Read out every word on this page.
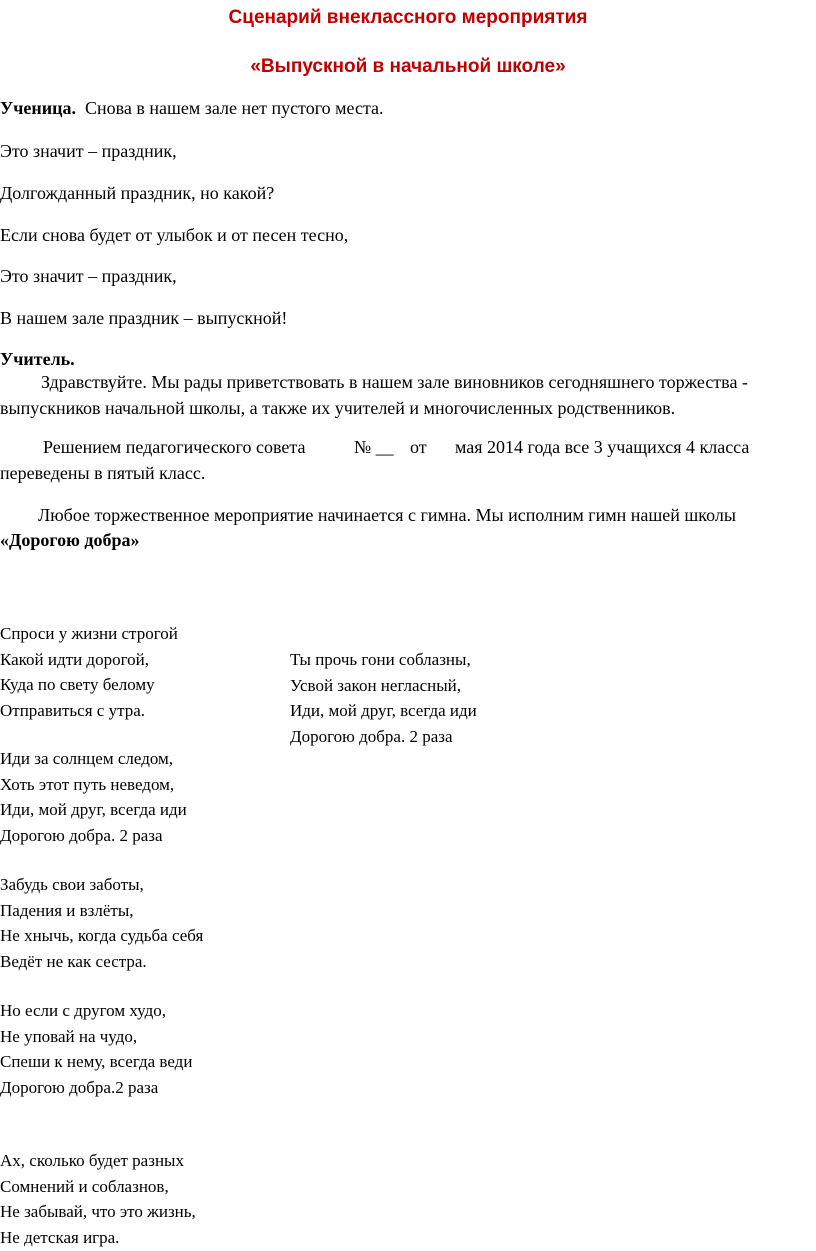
Сценарий внеклассного мероприятия
«Выпускной в начальной школе»
Ученица. Снова в нашем зале нет пустого места.
Это значит – праздник,
Долгожданный праздник, но какой?
Если снова будет от улыбок и от песен тесно,
Это значит – праздник,
В нашем зале праздник – выпускной!
Учитель.
Здравствуйте. Мы рады приветствовать в нашем зале виновников сегодняшнего торжества - выпускников начальной школы, а также их учителей и многочисленных родственников.
Решением педагогического совета	№ __ от мая 2014 года все 3 учащихся 4 класса
переведены в пятый класс.
Любое торжественное мероприятие начинается с гимна. Мы исполним гимн нашей школы
«Дорогою добра»
Спроси у жизни строгой
Какой идти дорогой,
Куда по свету белому
Отправиться с утра.
Иди за солнцем следом,
Хоть этот путь неведом,
Иди, мой друг, всегда иди
Дорогою добра. 2 раза
Забудь свои заботы,
Падения и взлёты,
Не хнычь, когда судьба себя
Ведёт не как сестра.
Но если с другом худо,
Не уповай на чудо,
Спеши к нему, всегда веди
Дорогою добра.2 раза
Ах, сколько будет разных
Сомнений и соблазнов,
Не забывай, что это жизнь,
Не детская игра.
Ты прочь гони соблазны,
Усвой закон негласный,
Иди, мой друг, всегда иди
Дорогою добра. 2 раза
